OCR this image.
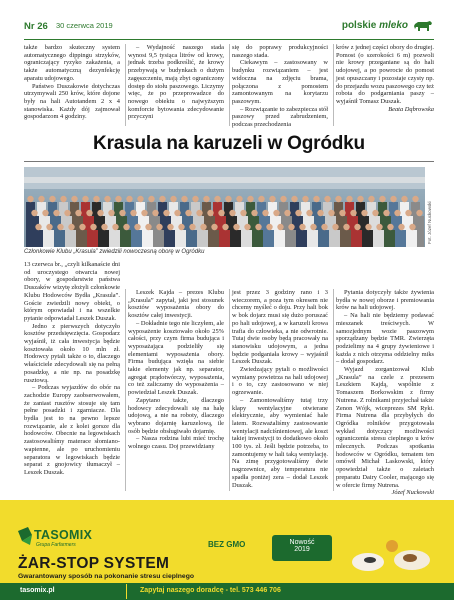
Nr 26 30 czerwca 2019	polskie mleko

także bardzo skuteczny system automatycznego dippingu strzyków, ograniczający ryzyko zakażenia, a także automatyczną dezynfekcję aparatu udojowego.

Państwo Duszakowie dotychczas utrzymywali 250 krów, które dojone były na hali Autotandem 2 x 4 stanowiska. Każdy dój zajmował gospodarzom 4 godziny.

– Wydajność naszego stada wynosi 9,5 tysiąca litrów od krowy, jednak trzeba podkreślić, że krowy przebywają w budynkach o dużym zagęszczeniu, mają zbyt ograniczony dostęp do stołu paszowego. Liczymy więc, że po przeprowadzce do nowego obiektu o najwyższym komforcie bytowania zdecydowanie przyczyni

się do poprawy produkcyjności naszego stada.

Ciekawym – zastosowany w budynku rozwiązaniem – jest widoczna na zdjęciu brama, połączona z pomostem zamontowanym na korytarzu paszowym.

– Rozwiązanie to zabezpiecza stół paszowy przed zabrudzeniem, podczas przechodzenia

krów z jednej części obory do drugiej. Pomost (o szerokości 6 m) pozwoli nie krowy przeganiane są do hali udojowej, a po powrocie do pomost jest opuszczany i pozostaje czysty np. do przejazdu wozu paszowego czy też robota do podgarniania paszy – wyjaśnił Tomasz Duszak.

Beata Dąbrowska
Krasula na karuzeli w Ogródku
Fot. Józef Nuckowski
Członkowie Klubu „Krasula” zwiedzili nowoczesną oborę w Ogródku

13 czerwca br., „czyli kilkanaście dni od uroczystego otwarcia nowej obory, w gospodarstwie państwa Duszaków wizytę złożyli członkowie Klubu Hodowców Bydła „Krasula”. Goście zwiedzili nowy obiekt, o którym opowiadał i na wszelkie pytanie odpowiadał Leszek Duszak.

Jedno z pierwszych dotyczyło kosztów przedsięwzięcia. Gospodarz wyjaśnił, iż cała inwestycja będzie kosztowała około 10 mln zł. Hodowcy pytali także o to, dlaczego właściciele zdecydowali się na pełną posadzkę, a nie np. na posadzkę rusztową.

– Podczas wyjazdów do obór na zachodzie Europy zaobserwowałem, że zaniast rusztów stosuje się tam pełne posadzki i zgarniacze. Dla bydła jest to na pewno lepsze rozwiązanie, ale z kolei gorsze dla hodowców. Obecnie na legowiskach zastosowaliśmy materace słomiano-wapienne, ale po uruchomieniu separatora w legowiskach będzie separat z gnojowicy tłumaczył – Leszek Duszak.

Leszek Kajda – prezes Klubu „Krasula” zapytał, jaki jest stosunek kosztów wyposażenia obory do kosztów całej inwestycji.

– Dokładnie tego nie liczyłem, ale wyposażenie kosztowało około 25% całości, przy czym firma budująca i wyposażająca podzieliły się elementami wyposażenia obory. Firma budująca wzięła na siebie takie elementy jak np. separator, agregat prądotwórczy, wyposażenia, co też zaliczamy do wyposażenia – powiedział Leszek Duszak.

Zapytano także, dlaczego hodowcy zdecydowali się na halę udojową, a nie na roboty, dlaczego wybrano dojarnię karuzelową, ile osób będzie obsługiwało dojarnię.

– Nasza rodzina lubi mieć trochę wolnego czasu. Doj przewidziany

jest przez 3 godziny rano i 3 wieczorem, a poza tym okresem nie chcemy myśleć o doju. Przy hali bok w bok dojarz musi się dużo poruszać po hali udojowej, a w karuzeli krowa trafia do człowieka, a nie odwrotnie. Tutaj dwie osoby będą pracowały na stanowisku udojowym, a jedna będzie podganiała krowy – wyjaśnił Leszek Duszak.

Zwiedzający pytali o możliwości wymiany powietrza na hali udojowej i o to, czy zastosowano w niej ogrzewanie.

– Zamontowaliśmy tutaj trzy klapy wentylacyjne otwierane elektrycznie, aby wymieniać hale latem. Rozważaliśmy zastosowanie wentylacji nadciśnieniowej, ale koszt takiej inwestycji to dodatkowo około 100 tys. zł. Jeśli będzie potrzeba, to zamontujemy w hali taką wentylację. Na zimę przygotowaliśmy dwie nagrzewnice, aby temperatura nie spadła poniżej zera – dodał Leszek Duszak.

Pytania dotyczyły także żywienia bydła w nowej oborze i premiowania krów na hali udojowej.

– Na hali nie będziemy podawać mieszanek treściwych. W samozjednym wozie paszowym sporządzany będzie TMR. Zwierzęta podzielimy na 4 grupy żywieniowe i każda z nich otrzyma oddzielny miks – dodał gospodarz.

Wyjazd zorganizował Klub „Krasula” na czele z prezesem Leszkiem Kajdą, wspólnie z Tomaszem Borkowskim z firmy Nutrena. Z rolnikami przyjechał także Zenon Wójk, wiceprezes SM Ryki. Firma Nutrena dla przybyłych do Ogródka rolników przygotowała wykład dotyczący możliwości ograniczenia stresu cieplnego u krów mlecznych. Podczas spotkania hodowców w Ogródku, tematem ten omówił Michał Laskowski, który opowiedział także o zaletach preparatu Dairy Cooler, mającego się w ofercie firmy Nutrena.

Józef Nuckowski
TASOMIX
Grupa Farfarmers	BEZ GMO	Nowość
2019
ŻAR-STOP SYSTEM
Gwarantowany sposób na pokonanie stresu cieplnego
tasomix.pl	Zapytaj naszego doradcę - tel. 573 446 706
